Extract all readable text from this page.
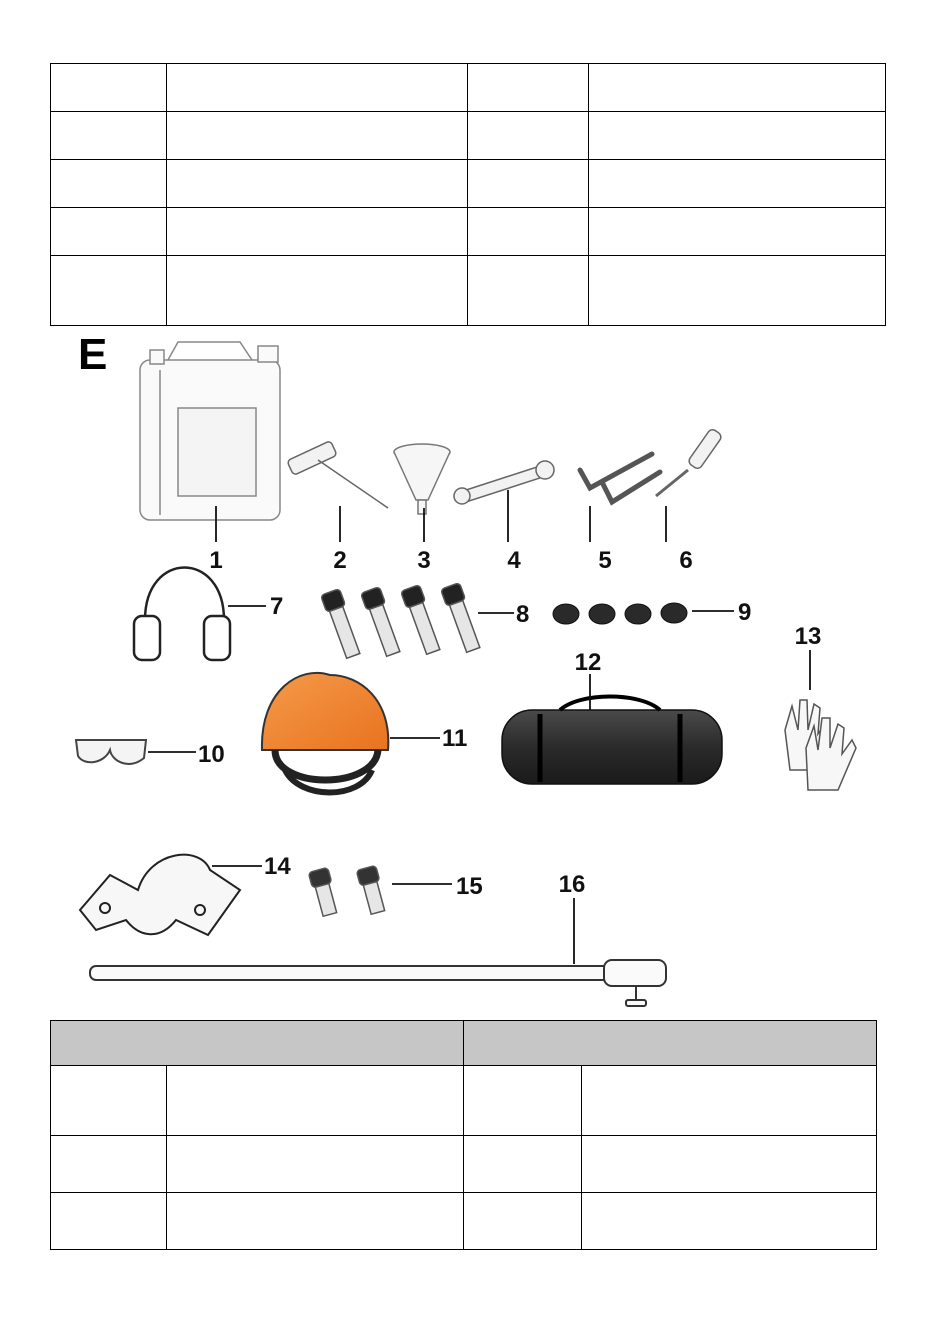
E
1	2	3	4	5	6
7	8	9
10
11
12
13
14
15	16
